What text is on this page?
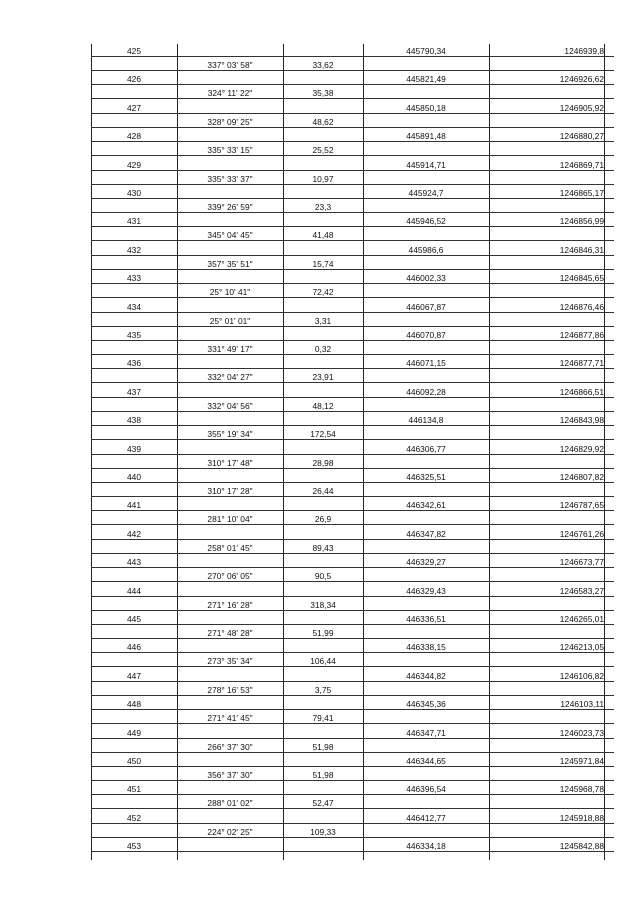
425	445790,34	1246939,8
337° 03' 58"	33,62
426	445821,49	1246926,62
324° 11' 22"	35,38
427	445850,18	1246905,92
328° 09' 25"	48,62
428	445891,48	1246880,27
335° 33' 15"	25,52
429	445914,71	1246869,71
335° 33' 37"	10,97
430	445924,7	1246865,17
339° 26' 59"	23,3
431	445946,52	1246856,99
345° 04' 45"	41,48
432	445986,6	1246846,31
357° 35' 51"	15,74
433	446002,33	1246845,65
25° 10' 41"	72,42
434	446067,87	1246876,46
25° 01' 01"	3,31
435	446070,87	1246877,86
331° 49' 17"	0,32
436	446071,15	1246877,71
332° 04' 27"	23,91
437	446092,28	1246866,51
332° 04' 56"	48,12
438	446134,8	1246843,98
355° 19' 34"	172,54
439	446306,77	1246829,92
310° 17' 48"	28,98
440	446325,51	1246807,82
310° 17' 28"	26,44
441	446342,61	1246787,65
281° 10' 04"	26,9
442	446347,82	1246761,26
258° 01' 45"	89,43
443	446329,27	1246673,77
270° 06' 05"	90,5
444	446329,43	1246583,27
271° 16' 28"	318,34
445	446336,51	1246265,01
271° 48' 28"	51,99
446	446338,15	1246213,05
273° 35' 34"	106,44
447	446344,82	1246106,82
278° 16' 53"	3,75
448	446345,36	1246103,11
271° 41' 45"	79,41
449	446347,71	1246023,73
266° 37' 30"	51,98
450	446344,65	1245971,84
356° 37' 30"	51,98
451	446396,54	1245968,78
288° 01' 02"	52,47
452	446412,77	1245918,88
224° 02' 25"	109,33
453	446334,18	1245842,88
